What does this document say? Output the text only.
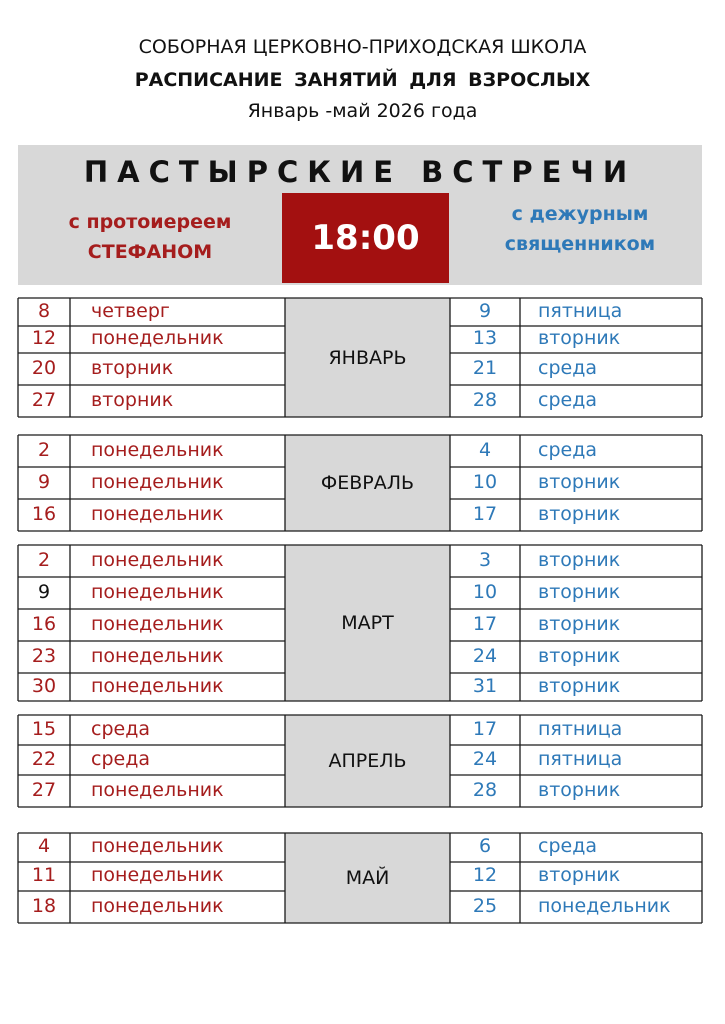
СОБОРНАЯ ЦЕРКОВНО-ПРИХОДСКАЯ ШКОЛА
РАСПИСАНИЕ ЗАНЯТИЙ ДЛЯ ВЗРОСЛЫХ
Январь -май 2026 года
ПАСТЫРСКИЕ ВСТРЕЧИ
с протоиереем
СТЕФАНОМ	18:00
с дежурным
священником
8	четверг	9	пятница
12	понедельник	13	вторник
20	вторник	21	среда
27	вторник	28	среда
ЯНВАРЬ
2	понедельник	4	среда
9	понедельник	10	вторник
16	понедельник	17	вторник
ФЕВРАЛЬ
2	понедельник	3	вторник
9	понедельник	10	вторник
16	понедельник	17	вторник
23	понедельник	24	вторник
30	понедельник	31	вторник
МАРТ
15	среда	17	пятница
22	среда	24	пятница
27	понедельник	28	вторник
АПРЕЛЬ
4	понедельник	6	среда
11	понедельник	12	вторник
18	понедельник	25	понедельник
МАЙ
